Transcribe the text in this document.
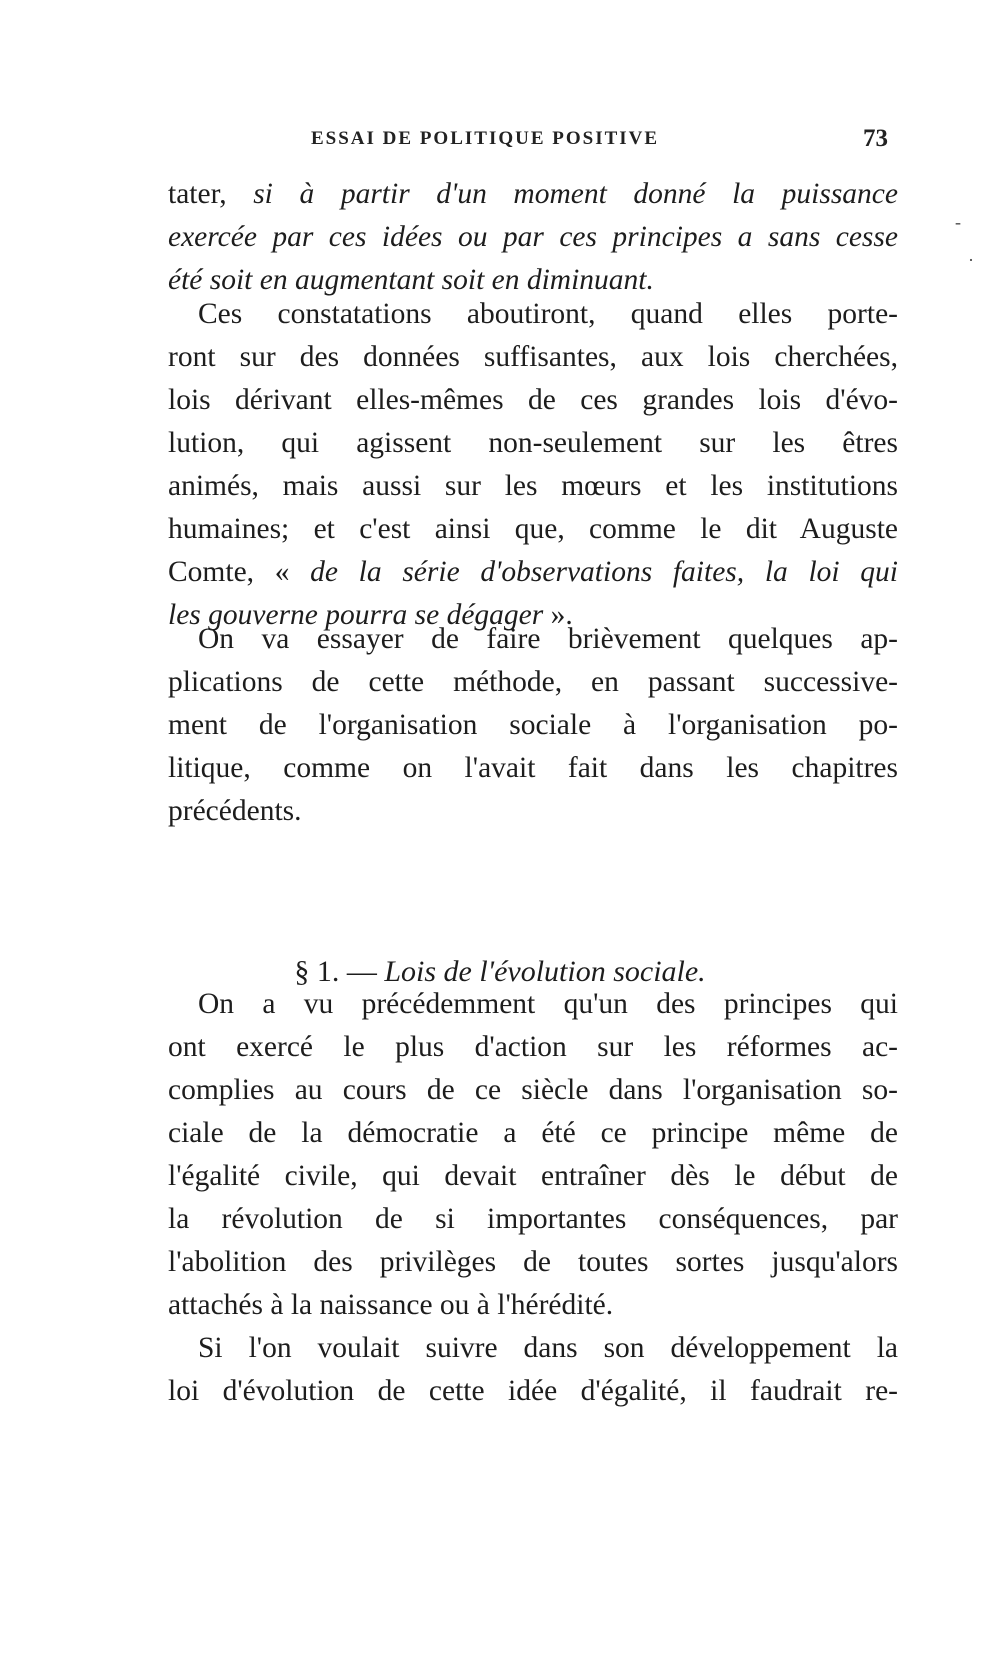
ESSAI DE POLITIQUE POSITIVE	73
tater, si à partir d'un moment donné la puissance
exercée par ces idées ou par ces principes a sans cesse
été soit en augmentant soit en diminuant.
Ces constatations aboutiront, quand elles porte-
ront sur des données suffisantes, aux lois cherchées,
lois dérivant elles-mêmes de ces grandes lois d'évo-
lution, qui agissent non-seulement sur les êtres
animés, mais aussi sur les mœurs et les institutions
humaines; et c'est ainsi que, comme le dit Auguste
Comte, « de la série d'observations faites, la loi qui
les gouverne pourra se dégager ».
On va essayer de faire brièvement quelques ap-
plications de cette méthode, en passant successive-
ment de l'organisation sociale à l'organisation po-
litique, comme on l'avait fait dans les chapitres
précédents.
§ 1. — Lois de l'évolution sociale.
On a vu précédemment qu'un des principes qui
ont exercé le plus d'action sur les réformes ac-
complies au cours de ce siècle dans l'organisation so-
ciale de la démocratie a été ce principe même de
l'égalité civile, qui devait entraîner dès le début de
la révolution de si importantes conséquences, par
l'abolition des privilèges de toutes sortes jusqu'alors
attachés à la naissance ou à l'hérédité.
Si l'on voulait suivre dans son développement la
loi d'évolution de cette idée d'égalité, il faudrait re-
-
·
